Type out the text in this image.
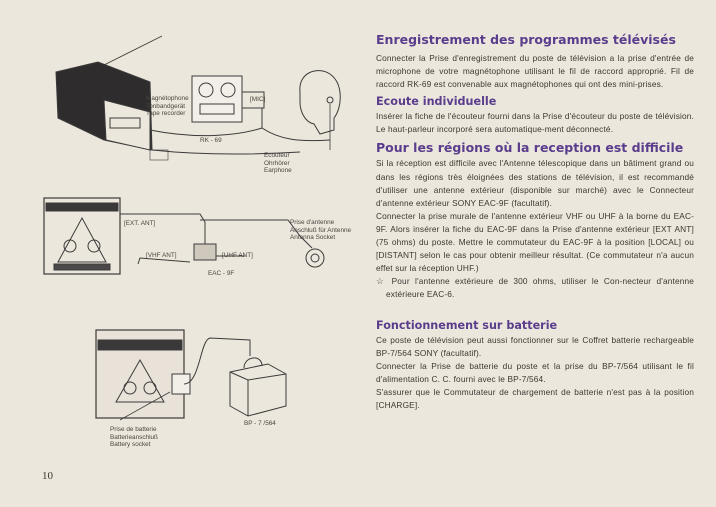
Magnétophone
Tonbandgerät
Tape recorder
[MIC]
RK - 69
Ecouteur
Ohrhörer
Earphone
[EXT. ANT]
[VHF ANT]	[UHF ANT]
EAC - 9F
Prise d'antenne
Anschluß für Antenne
Antenna Socket
Prise de batterie
Batterieanschluß
Battery socket
BP - 7 /564
10
Enregistrement des programmes télévisés

Connecter la Prise d'enregistrement du poste de télévision a la prise d'entrée de microphone de votre magnétophone utilisant le fil de raccord approprié. Fil de raccord RK-69 est convenable aux magnétophones qui ont des mini-prises.

Ecoute individuelle

Insérer la fiche de l'écouteur fourni dans la Prise d'écouteur du poste de télévision. Le haut-parleur incorporé sera automatique-ment déconnecté.

Pour les régions où la reception est difficile

Si la réception est difficile avec l'Antenne télescopique dans un bâtiment grand ou dans les régions très éloignées des stations de télévision, il est recommandé d'utiliser une antenne extérieur (disponible sur marché) avec le Connecteur d'antenne extérieur SONY EAC-9F (facultatif).

Connecter la prise murale de l'antenne extérieur VHF ou UHF à la borne du EAC-9F. Alors insérer la fiche du EAC-9F dans la Prise d'antenne extérieur [EXT ANT] (75 ohms) du poste. Mettre le commutateur du EAC-9F à la position [LOCAL] ou [DISTANT] selon le cas pour obtenir meilleur résultat. (Ce commutateur n'a aucun effet sur la réception UHF.)

☆ Pour l'antenne extérieure de 300 ohms, utiliser le Con-necteur d'antenne extérieure EAC-6.

Fonctionnement sur batterie

Ce poste de télévision peut aussi fonctionner sur le Coffret batterie rechargeable BP-7/564 SONY (facultatif).

Connecter la Prise de batterie du poste et la prise du BP-7/564 utilisant le fil d'alimentation C. C. fourni avec le BP-7/564.

S'assurer que le Commutateur de chargement de batterie n'est pas à la position [CHARGE].
